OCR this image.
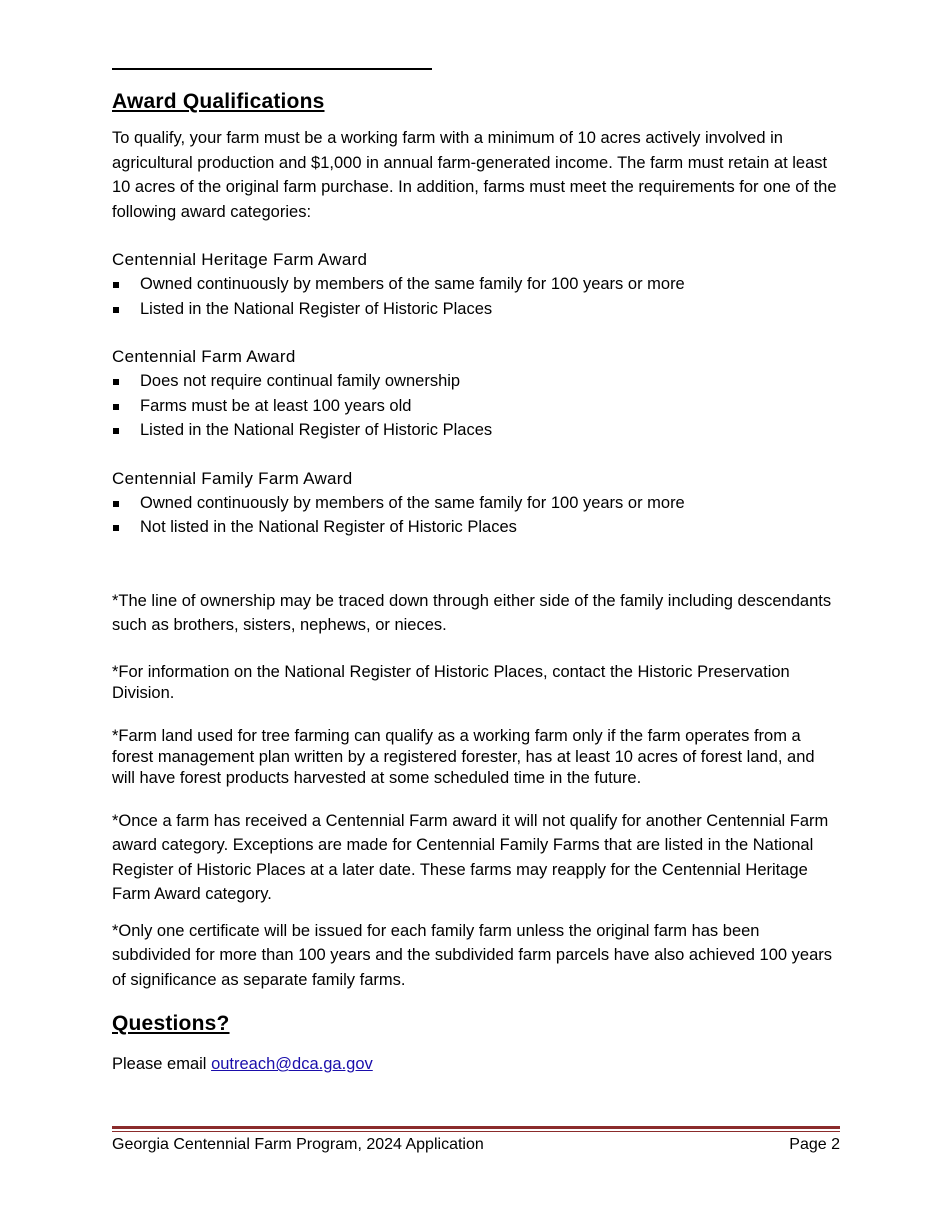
Award Qualifications

To qualify, your farm must be a working farm with a minimum of 10 acres actively involved in agricultural production and $1,000 in annual farm-generated income. The farm must retain at least 10 acres of the original farm purchase. In addition, farms must meet the requirements for one of the following award categories:

Centennial Heritage Farm Award
Owned continuously by members of the same family for 100 years or more
Listed in the National Register of Historic Places
Centennial Farm Award
Does not require continual family ownership
Farms must be at least 100 years old
Listed in the National Register of Historic Places
Centennial Family Farm Award
Owned continuously by members of the same family for 100 years or more
Not listed in the National Register of Historic Places

*The line of ownership may be traced down through either side of the family including descendants such as brothers, sisters, nephews, or nieces.

*For information on the National Register of Historic Places, contact the Historic Preservation Division.

*Farm land used for tree farming can qualify as a working farm only if the farm operates from a forest management plan written by a registered forester, has at least 10 acres of forest land, and will have forest products harvested at some scheduled time in the future.

*Once a farm has received a Centennial Farm award it will not qualify for another Centennial Farm award category. Exceptions are made for Centennial Family Farms that are listed in the National Register of Historic Places at a later date. These farms may reapply for the Centennial Heritage Farm Award category.

*Only one certificate will be issued for each family farm unless the original farm has been subdivided for more than 100 years and the subdivided farm parcels have also achieved 100 years of significance as separate family farms.

Questions?
Please email outreach@dca.ga.gov
Georgia Centennial Farm Program, 2024 Application	Page 2
